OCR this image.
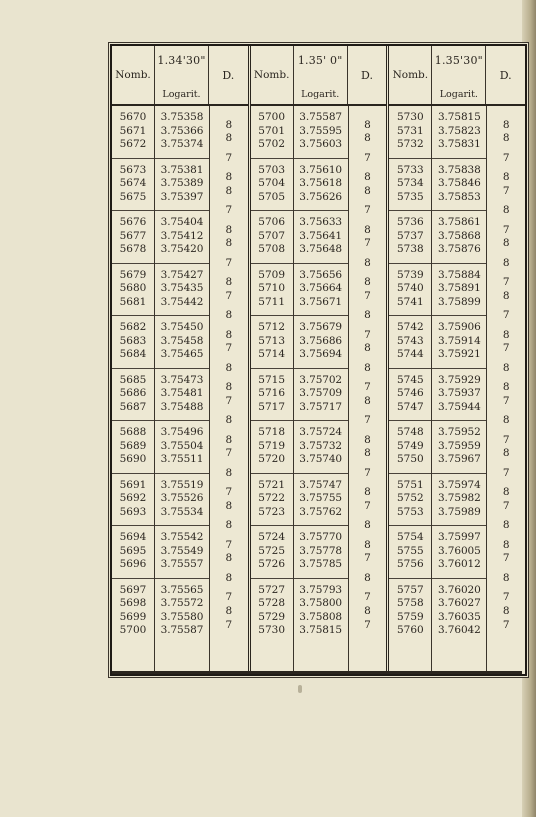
Nomb.
1.34'30"
Logarit.
D.
5670
5671
5672
5673
5674
5675
5676
5677
5678
5679
5680
5681
5682
5683
5684
5685
5686
5687
5688
5689
5690
5691
5692
5693
5694
5695
5696
5697
5698
5699
5700
3.75358
3.75366
3.75374
3.75381
3.75389
3.75397
3.75404
3.75412
3.75420
3.75427
3.75435
3.75442
3.75450
3.75458
3.75465
3.75473
3.75481
3.75488
3.75496
3.75504
3.75511
3.75519
3.75526
3.75534
3.75542
3.75549
3.75557
3.75565
3.75572
3.75580
3.75587
8
8
7
8
8
7
8
8
7
8
7
8
8
7
8
8
7
8
8
7
8
7
8
8
7
8
8
7
8
7
Nomb.
1.35' 0"
Logarit.
D.
5700
5701
5702
5703
5704
5705
5706
5707
5708
5709
5710
5711
5712
5713
5714
5715
5716
5717
5718
5719
5720
5721
5722
5723
5724
5725
5726
5727
5728
5729
5730
3.75587
3.75595
3.75603
3.75610
3.75618
3.75626
3.75633
3.75641
3.75648
3.75656
3.75664
3.75671
3.75679
3.75686
3.75694
3.75702
3.75709
3.75717
3.75724
3.75732
3.75740
3.75747
3.75755
3.75762
3.75770
3.75778
3.75785
3.75793
3.75800
3.75808
3.75815
8
8
7
8
8
7
8
7
8
8
7
8
7
8
8
7
8
7
8
8
7
8
7
8
8
7
8
7
8
7
Nomb.
1.35'30"
Logarit.
D.
5730
5731
5732
5733
5734
5735
5736
5737
5738
5739
5740
5741
5742
5743
5744
5745
5746
5747
5748
5749
5750
5751
5752
5753
5754
5755
5756
5757
5758
5759
5760
3.75815
3.75823
3.75831
3.75838
3.75846
3.75853
3.75861
3.75868
3.75876
3.75884
3.75891
3.75899
3.75906
3.75914
3.75921
3.75929
3.75937
3.75944
3.75952
3.75959
3.75967
3.75974
3.75982
3.75989
3.75997
3.76005
3.76012
3.76020
3.76027
3.76035
3.76042
8
8
7
8
7
8
7
8
8
7
8
7
8
7
8
8
7
8
7
8
7
8
7
8
8
7
8
7
8
7
